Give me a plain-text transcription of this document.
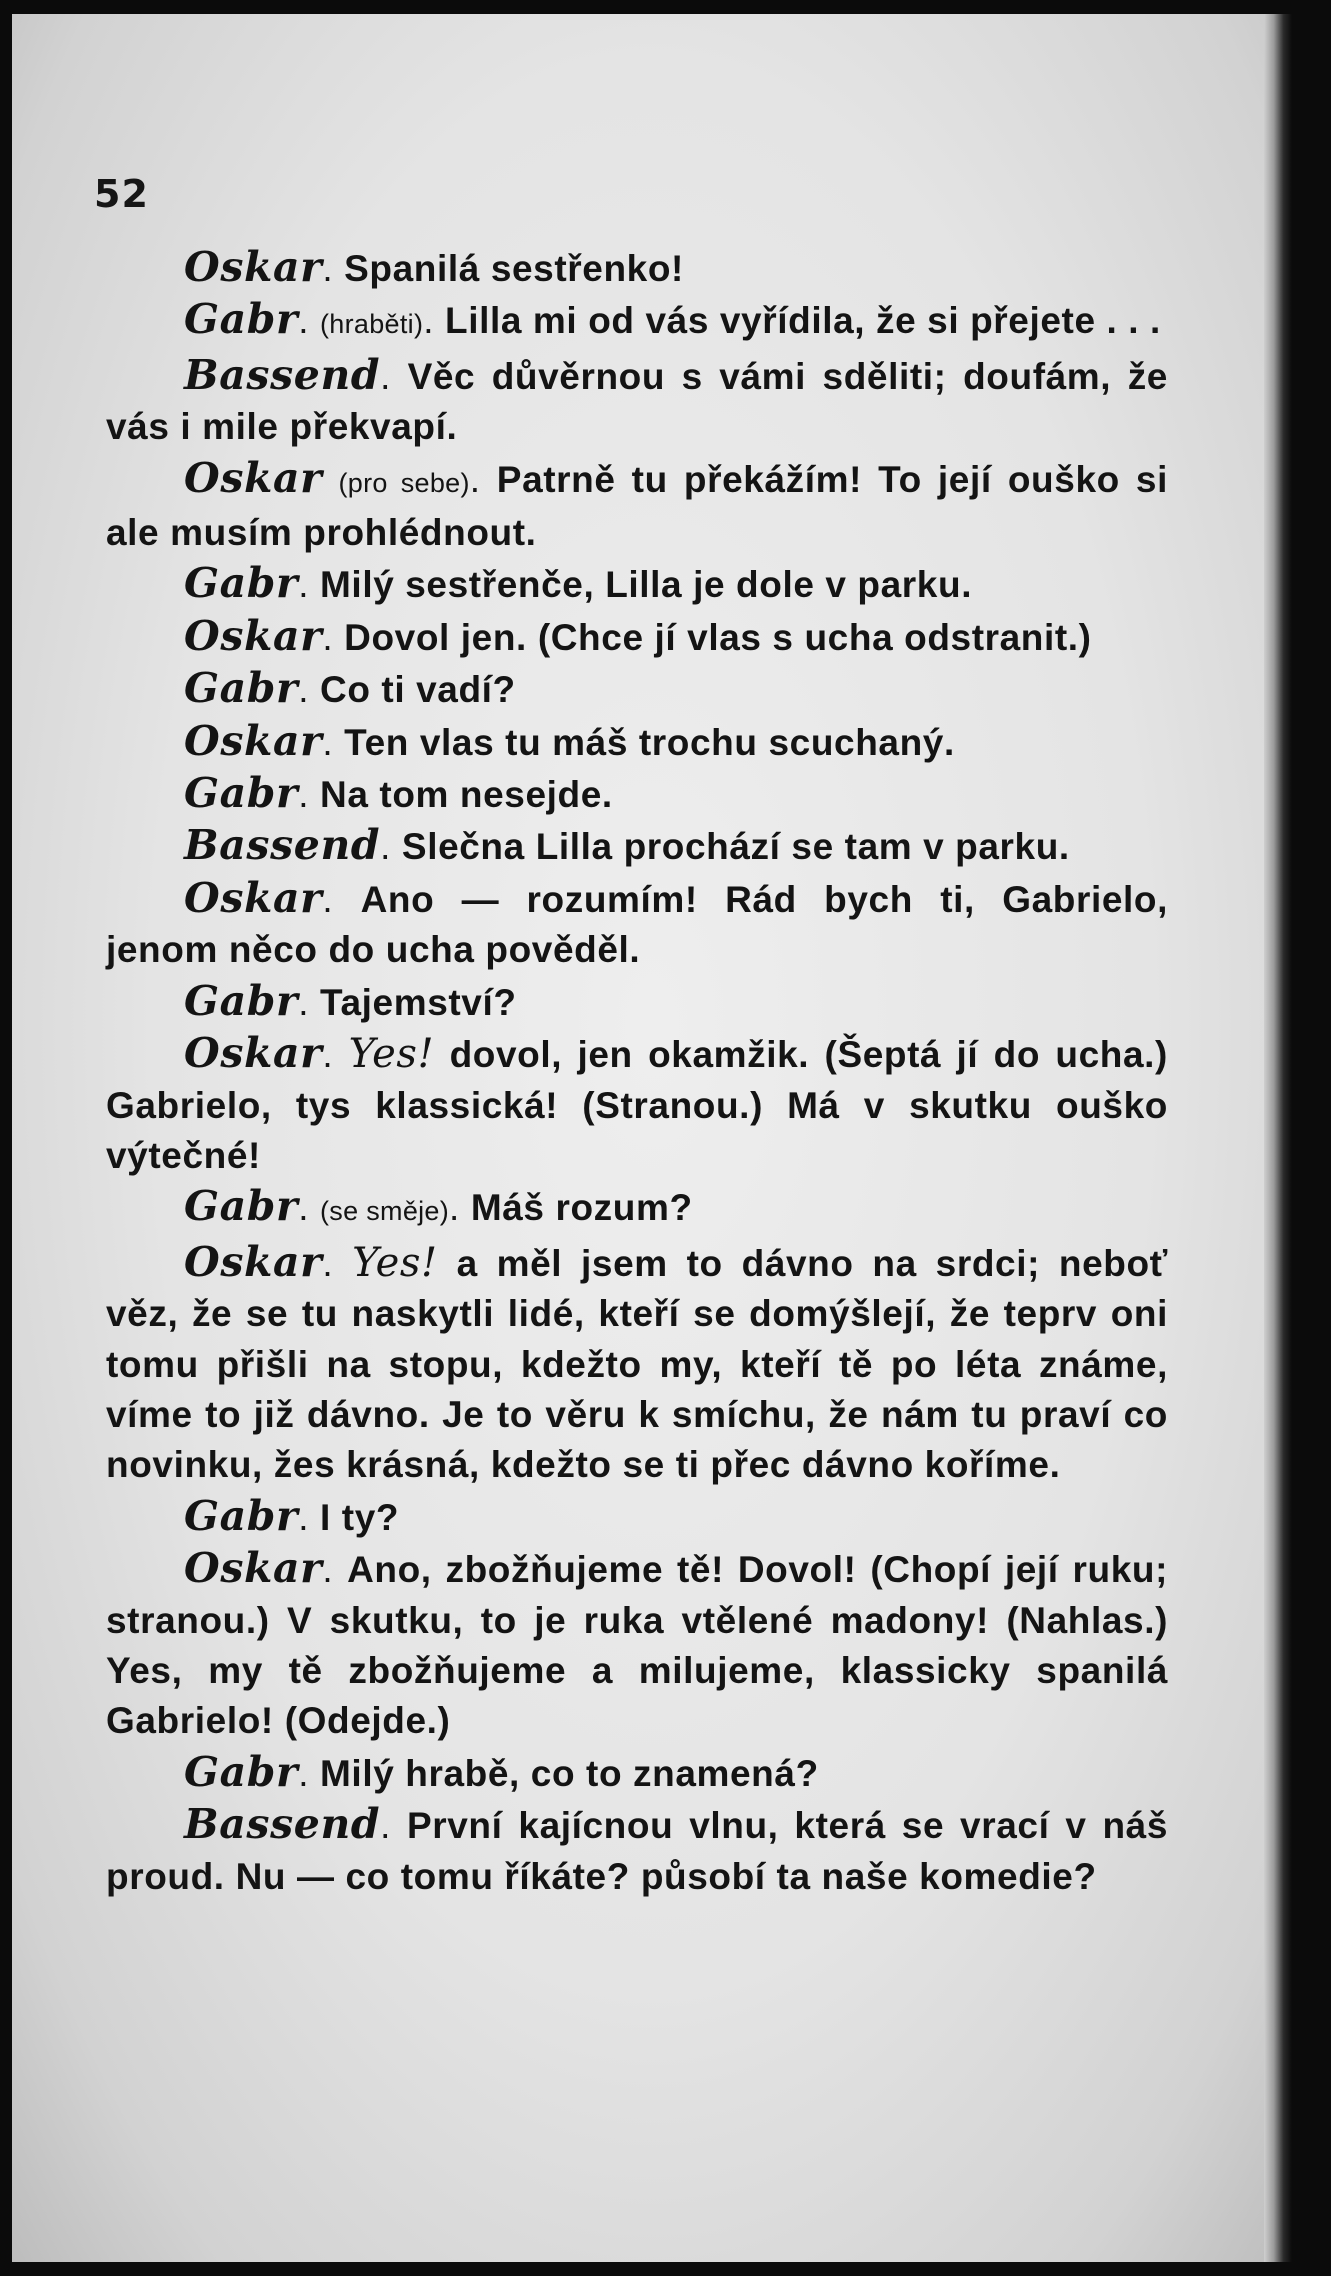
52

Oskar. Spanilá sestřenko!

Gabr. (hraběti). Lilla mi od vás vyřídila, že si přejete . . .

Bassend. Věc důvěrnou s vámi sděliti; doufám, že vás i mile překvapí.

Oskar (pro sebe). Patrně tu překážím! To její ouško si ale musím prohlédnout.

Gabr. Milý sestřenče, Lilla je dole v parku.

Oskar. Dovol jen. (Chce jí vlas s ucha odstranit.)

Gabr. Co ti vadí?

Oskar. Ten vlas tu máš trochu scuchaný.

Gabr. Na tom nesejde.

Bassend. Slečna Lilla prochází se tam v parku.

Oskar. Ano — rozumím! Rád bych ti, Gabrielo, jenom něco do ucha pověděl.

Gabr. Tajemství?

Oskar. Yes! dovol, jen okamžik. (Šeptá jí do ucha.) Gabrielo, tys klassická! (Stranou.) Má v skutku ouško výtečné!

Gabr. (se směje). Máš rozum?

Oskar. Yes! a měl jsem to dávno na srdci; neboť věz, že se tu naskytli lidé, kteří se domýšlejí, že teprv oni tomu přišli na stopu, kdežto my, kteří tě po léta známe, víme to již dávno. Je to věru k smíchu, že nám tu praví co novinku, žes krásná, kdežto se ti přec dávno koříme.

Gabr. I ty?

Oskar. Ano, zbožňujeme tě! Dovol! (Chopí její ruku; stranou.) V skutku, to je ruka vtělené madony! (Nahlas.) Yes, my tě zbožňujeme a milujeme, klassicky spanilá Gabrielo! (Odejde.)

Gabr. Milý hrabě, co to znamená?

Bassend. První kajícnou vlnu, která se vrací v náš proud. Nu — co tomu říkáte? působí ta naše komedie?
